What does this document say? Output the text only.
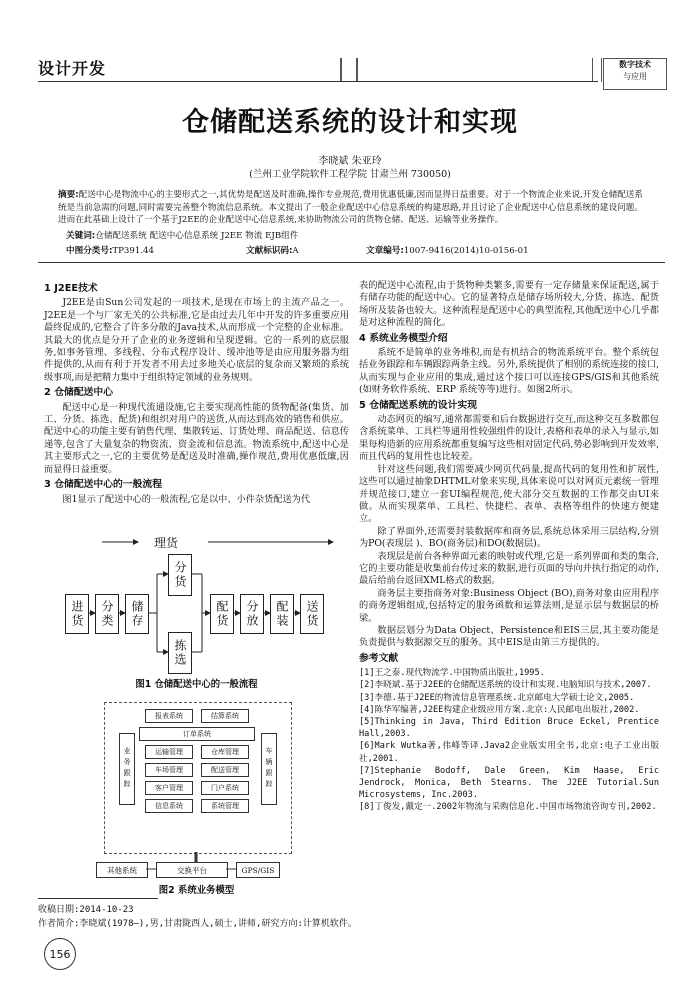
设计开发	数字技术
与应用
仓储配送系统的设计和实现
李晓斌 朱亚玲
(兰州工业学院软件工程学院 甘肃兰州 730050)
摘要:配送中心是物流中心的主要形式之一,其优势是配送及时准确,操作专业规范,费用优惠低廉,因而显得日益重要。对于一个物流企业来说,开发仓储配送系统是当前急需的问题,同时需要完善整个物流信息系统。本文提出了一般企业配送中心信息系统的构建思路,并且讨论了企业配送中心信息系统的建设问题。进而在此基础上设计了一个基于J2EE的企业配送中心信息系统,来协助物流公司的货物仓储、配送、运输等业务操作。
关键词:仓储配送系统 配送中心信息系统 J2EE 物流 EJB组件
中图分类号:TP391.44	文献标识码:A	文章编号:1007-9416(2014)10-0156-01
1 J2EE技术

J2EE是由Sun公司发起的一项技术,是现在市场上的主流产品之一。J2EE是一个与厂家无关的公共标准,它是由过去几年中开发的许多重要应用最终促成的,它整合了许多分散的Java技术,从而形成一个完整的企业标准。其最大的优点是分开了企业的业务逻辑和呈现逻辑。它的一系列的底层服务,如事务管理、多线程、分布式程序设计、缓冲池等是由应用服务器为组件提供的,从而有利于开发者不用去过多地关心底层的复杂而又繁琐的系统级事项,而是把精力集中于组织特定领域的业务规则。

2 仓储配送中心

配送中心是一种现代流通设施,它主要实现高性能的货物配备(集货、加工、分货、拣选、配货)和组织对用户的送货,从而达到高效的销售和供应。配送中心的功能主要有销售代理、集散转运、订货处理、商品配送、信息传递等,包含了大量复杂的物资流、资金流和信息流。物流系统中,配送中心是其主要形式之一,它的主要优势是配送及时准确,操作规范,费用优惠低廉,因而显得日益重要。

3 仓储配送中心的一般流程

图1显示了配送中心的一般流程,它是以中、小件杂货配送为代

理货
进货	分类	储存
分货
拣选
配货	分放	配装	送货
图1 仓储配送中心的一般流程
报表系统	结算系统
订单系统
业务跟踪	车辆跟踪
运输管理	仓库管理
车场管理	配送管理
客户管理	门户系统
信息系统	系统管理
其他系统	交换平台	GPS/GIS
图2 系统业务模型
收稿日期:2014-10-23
作者简介:李晓斌(1978—),男,甘肃陇西人,硕士,讲师,研究方向:计算机软件。
156

表的配送中心流程,由于货物种类繁多,需要有一定存储量来保证配送,属于有储存功能的配送中心。它的显著特点是储存场所较大,分货、拣选、配货场所及装备也较大。这种流程是配送中心的典型流程,其他配送中心几乎都是对这种流程的简化。

4 系统业务模型介绍

系统不是简单的业务堆积,而是有机结合的物流系统平台。整个系统包括业务跟踪和车辆跟踪两条主线。另外,系统提供了相别的系统连接的接口,从而实现与企业应用的集成,通过这个接口可以连接GPS/GIS和其他系统(如财务软件系统、ERP 系统等等)进行。如图2所示。

5 仓储配送系统的设计实现

动态网页的编写,通常都需要和后台数据进行交互,而这种交互多数都包含系统菜单、工具栏等通用性较强组件的设计,表格和表单的录入与显示,如果每构造新的应用系统都重复编写这些相对固定代码,势必影响到开发效率,而且代码的复用性也比较差。

针对这些问题,我们需要减少网页代码量,提高代码的复用性和扩展性,这些可以通过抽象DHTML对象来实现,具体来说可以对网页元素统一管理并规范接口,建立一套UI编程规范,使大部分交互数据的工作都交由UI来做。从而实现菜单、工具栏、快捷栏、表单、表格等组件的快速方便建立。

除了界面外,还需要封装数据库和商务层,系统总体采用三层结构,分别为PO(表现层 )、BO(商务层)和DO(数据层)。

表现层是前台各种界面元素的映射或代理,它是一系列界面和类的集合,它的主要功能是收集前台传过来的数据,进行页面的导向并执行指定的动作,最后给前台返回XML格式的数据。

商务层主要指商务对象:Business Object (BO),商务对象由应用程序的商务逻辑组成,包括特定的服务函数和运算法则,是显示层与数据层的桥梁。

数据层划分为Data Object、Persistence和EIS三层,其主要功能是负责提供与数据源交互的服务。其中EIS是由第三方提供的。

参考文献
[1]王之泰.现代物流学.中国物质出版社,1995.
[2]李晓斌.基于J2EE的仓储配送系统的设计和实现.电脑知识与技术,2007.
[3]李德.基于J2EE的物流信息管理系统.北京邮电大学硕士论文,2005.
[4]陈华军编著,J2EE构建企业级应用方案.北京:人民邮电出版社,2002.
[5]Thinking in Java, Third Edition Bruce Eckel, Prentice Hall,2003.
[6]Mark Wutka著,伟峰等译.Java2企业版实用全书,北京:电子工业出版社,2001.
[7]Stephanie Bodoff, Dale Green, Kim Haase, Eric Jendrock, Monica, Beth Stearns. The J2EE Tutorial.Sun Microsystems, Inc.2003.
[8]丁俊发,戴定一.2002年物流与采购信息化.中国市场物流咨询专刊,2002.
